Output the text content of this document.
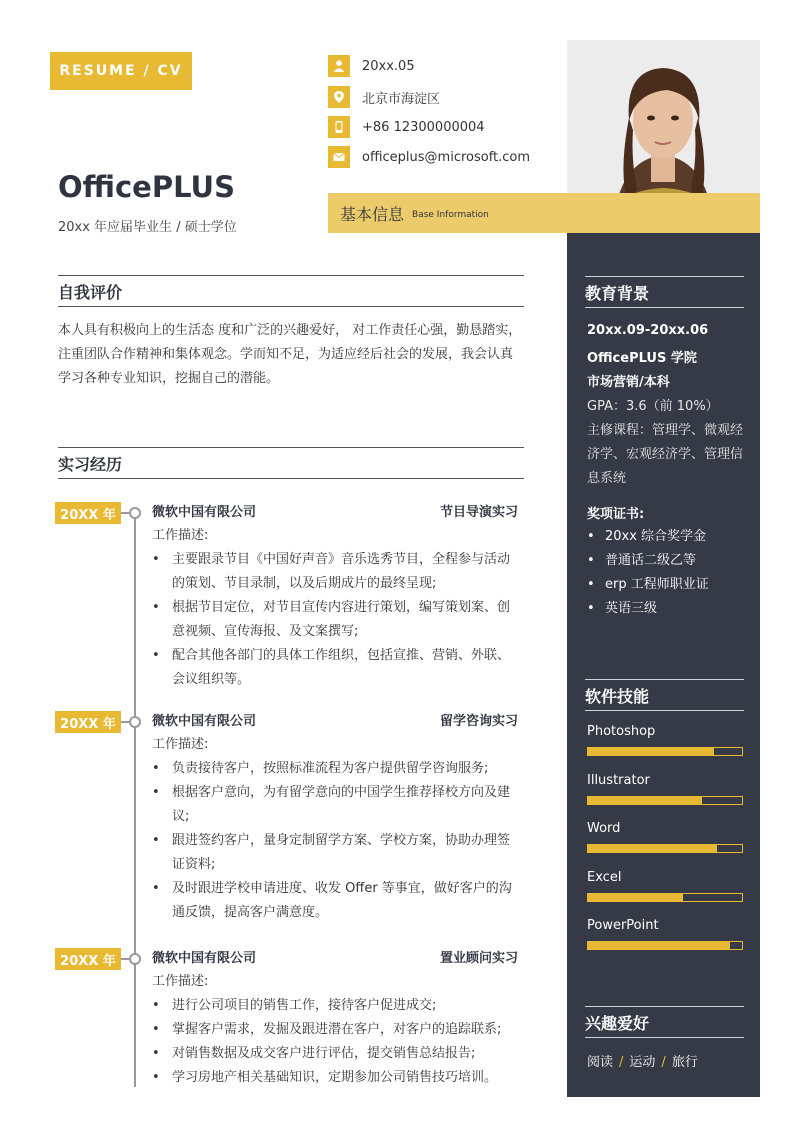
RESUME / CV
OfficePLUS
20xx 年应届毕业生 / 硕士学位
20xx.05
北京市海淀区
+86 12300000004
officeplus@microsoft.com
基本信息 Base Information
自我评价
本人具有积极向上的生活态 度和广泛的兴趣爱好， 对工作责任心强，勤恳踏实，注重团队合作精神和集体观念。学而知不足，为适应经后社会的发展，我会认真学习各种专业知识，挖掘自己的潜能。
实习经历
20XX 年	微软中国有限公司	节目导演实习
工作描述:
• 主要跟录节目《中国好声音》音乐选秀节目，全程参与活动的策划、节目录制，以及后期成片的最终呈现;
• 根据节目定位，对节目宣传内容进行策划，编写策划案、创意视频、宣传海报、及文案撰写;
• 配合其他各部门的具体工作组织，包括宣推、营销、外联、会议组织等。
20XX 年	微软中国有限公司	留学咨询实习
工作描述:
• 负责接待客户，按照标准流程为客户提供留学咨询服务;
• 根据客户意向，为有留学意向的中国学生推荐择校方向及建议;
• 跟进签约客户，量身定制留学方案、学校方案，协助办理签证资料;
• 及时跟进学校申请进度、收发 Offer 等事宜，做好客户的沟通反馈，提高客户满意度。
20XX 年	微软中国有限公司	置业顾问实习
工作描述:
• 进行公司项目的销售工作，接待客户促进成交;
• 掌握客户需求，发掘及跟进潜在客户，对客户的追踪联系;
• 对销售数据及成交客户进行评估，提交销售总结报告;
• 学习房地产相关基础知识，定期参加公司销售技巧培训。
教育背景
20xx.09-20xx.06
OfficePLUS 学院
市场营销/本科
GPA：3.6（前 10%）
主修课程：管理学、微观经
济学、宏观经济学、管理信
息系统
奖项证书:
• 20xx 综合奖学金
• 普通话二级乙等
• erp 工程师职业证
• 英语三级
软件技能
Photoshop
Illustrator
Word
Excel
PowerPoint
兴趣爱好
阅读 / 运动 / 旅行
